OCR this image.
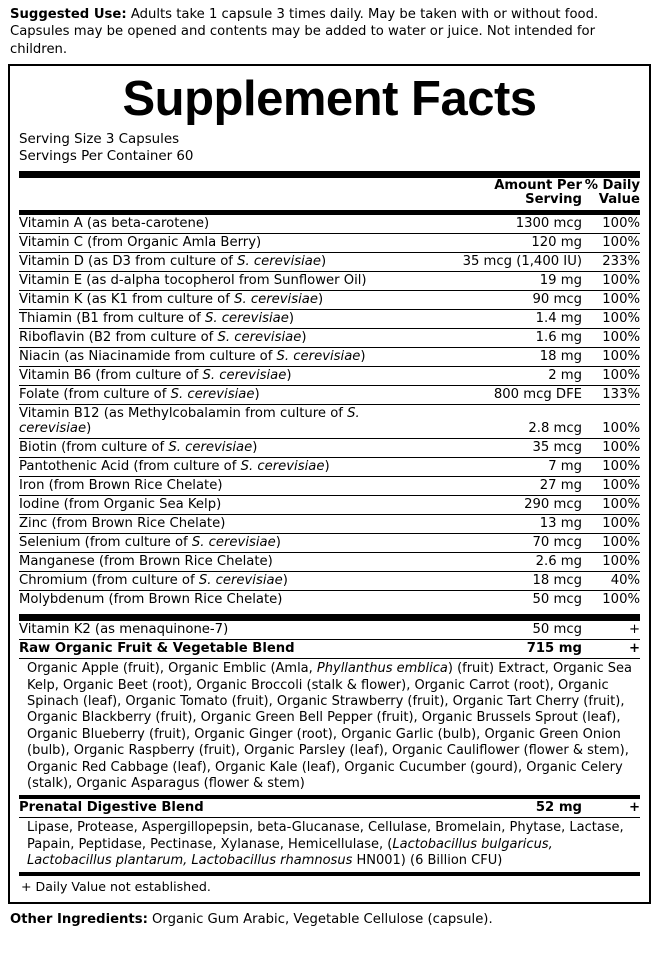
Suggested Use: Adults take 1 capsule 3 times daily. May be taken with or without food. Capsules may be opened and contents may be added to water or juice. Not intended for children.
Supplement Facts
Serving Size 3 Capsules
Servings Per Container 60

Amount Per
Serving

% Daily
Value
Vitamin A (as beta-carotene)	1300 mcg	100%
Vitamin C (from Organic Amla Berry)	120 mg	100%
Vitamin D (as D3 from culture of S. cerevisiae)	35 mcg (1,400 IU)	233%
Vitamin E (as d-alpha tocopherol from Sunflower Oil)	19 mg	100%
Vitamin K (as K1 from culture of S. cerevisiae)	90 mcg	100%
Thiamin (B1 from culture of S. cerevisiae)	1.4 mg	100%
Riboflavin (B2 from culture of S. cerevisiae)	1.6 mg	100%
Niacin (as Niacinamide from culture of S. cerevisiae)	18 mg	100%
Vitamin B6 (from culture of S. cerevisiae)	2 mg	100%
Folate (from culture of S. cerevisiae)	800 mcg DFE	133%
Vitamin B12 (as Methylcobalamin from culture of S. cerevisiae)	2.8 mcg	100%
Biotin (from culture of S. cerevisiae)	35 mcg	100%
Pantothenic Acid (from culture of S. cerevisiae)	7 mg	100%
Iron (from Brown Rice Chelate)	27 mg	100%
Iodine (from Organic Sea Kelp)	290 mcg	100%
Zinc (from Brown Rice Chelate)	13 mg	100%
Selenium (from culture of S. cerevisiae)	70 mcg	100%
Manganese (from Brown Rice Chelate)	2.6 mg	100%
Chromium (from culture of S. cerevisiae)	18 mcg	40%
Molybdenum (from Brown Rice Chelate)	50 mcg	100%
Vitamin K2 (as menaquinone-7)	50 mcg	+
Raw Organic Fruit & Vegetable Blend	715 mg	+
Organic Apple (fruit), Organic Emblic (Amla, Phyllanthus emblica) (fruit) Extract, Organic Sea Kelp, Organic Beet (root), Organic Broccoli (stalk & flower), Organic Carrot (root), Organic Spinach (leaf), Organic Tomato (fruit), Organic Strawberry (fruit), Organic Tart Cherry (fruit), Organic Blackberry (fruit), Organic Green Bell Pepper (fruit), Organic Brussels Sprout (leaf), Organic Blueberry (fruit), Organic Ginger (root), Organic Garlic (bulb), Organic Green Onion (bulb), Organic Raspberry (fruit), Organic Parsley (leaf), Organic Cauliflower (flower & stem), Organic Red Cabbage (leaf), Organic Kale (leaf), Organic Cucumber (gourd), Organic Celery (stalk), Organic Asparagus (flower & stem)
Prenatal Digestive Blend	52 mg	+
Lipase, Protease, Aspergillopepsin, beta-Glucanase, Cellulase, Bromelain, Phytase, Lactase, Papain, Peptidase, Pectinase, Xylanase, Hemicellulase, (Lactobacillus bulgaricus, Lactobacillus plantarum, Lactobacillus rhamnosus HN001) (6 Billion CFU)
+ Daily Value not established.
Other Ingredients: Organic Gum Arabic, Vegetable Cellulose (capsule).
